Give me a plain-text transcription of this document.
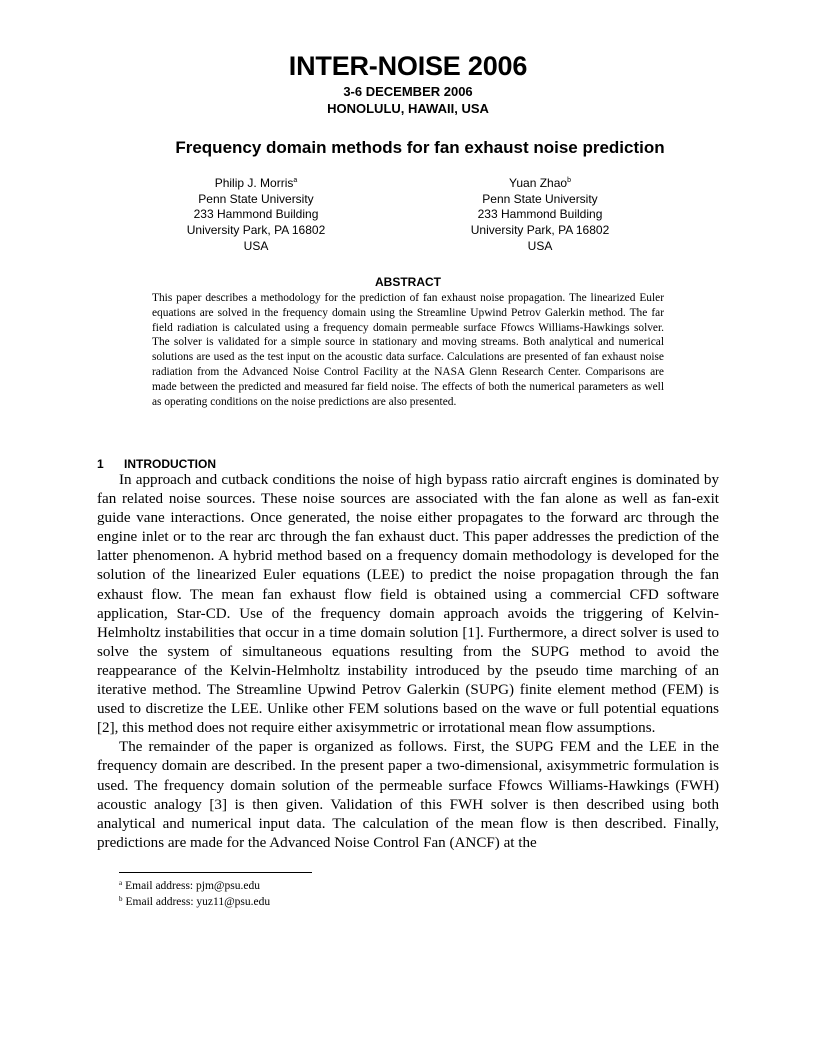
INTER-NOISE 2006
3-6 DECEMBER 2006
HONOLULU, HAWAII, USA
Frequency domain methods for fan exhaust noise prediction
Philip J. Morris$^a$
Penn State University
233 Hammond Building
University Park, PA 16802
USA
Yuan Zhao$^b$
Penn State University
233 Hammond Building
University Park, PA 16802
USA
ABSTRACT
This paper describes a methodology for the prediction of fan exhaust noise propagation. The linearized Euler equations are solved in the frequency domain using the Streamline Upwind Petrov Galerkin method. The far field radiation is calculated using a frequency domain permeable surface Ffowcs Williams-Hawkings solver. The solver is validated for a simple source in stationary and moving streams. Both analytical and numerical solutions are used as the test input on the acoustic data surface. Calculations are presented of fan exhaust noise radiation from the Advanced Noise Control Facility at the NASA Glenn Research Center. Comparisons are made between the predicted and measured far field noise. The effects of both the numerical parameters as well as operating conditions on the noise predictions are also presented.
1 INTRODUCTION

In approach and cutback conditions the noise of high bypass ratio aircraft engines is dominated by fan related noise sources. These noise sources are associated with the fan alone as well as fan-exit guide vane interactions. Once generated, the noise either propagates to the forward arc through the engine inlet or to the rear arc through the fan exhaust duct. This paper addresses the prediction of the latter phenomenon. A hybrid method based on a frequency domain methodology is developed for the solution of the linearized Euler equations (LEE) to predict the noise propagation through the fan exhaust flow. The mean fan exhaust flow field is obtained using a commercial CFD software application, Star-CD. Use of the frequency domain approach avoids the triggering of Kelvin-Helmholtz instabilities that occur in a time domain solution [1]. Furthermore, a direct solver is used to solve the system of simultaneous equations resulting from the SUPG method to avoid the reappearance of the Kelvin-Helmholtz instability introduced by the pseudo time marching of an iterative method. The Streamline Upwind Petrov Galerkin (SUPG) finite element method (FEM) is used to discretize the LEE. Unlike other FEM solutions based on the wave or full potential equations [2], this method does not require either axisymmetric or irrotational mean flow assumptions.

The remainder of the paper is organized as follows. First, the SUPG FEM and the LEE in the frequency domain are described. In the present paper a two-dimensional, axisymmetric formulation is used. The frequency domain solution of the permeable surface Ffowcs Williams-Hawkings (FWH) acoustic analogy [3] is then given. Validation of this FWH solver is then described using both analytical and numerical input data. The calculation of the mean flow is then described. Finally, predictions are made for the Advanced Noise Control Fan (ANCF) at the

$^a$ Email address: pjm@psu.edu
$^b$ Email address: yuz11@psu.edu
